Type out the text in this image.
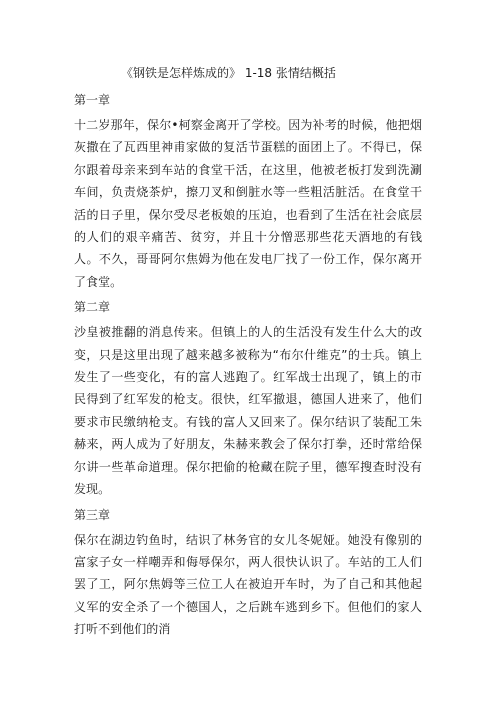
《钢铁是怎样炼成的》 1-18 张情结概括
第一章

十二岁那年，保尔•柯察金离开了学校。因为补考的时候，他把烟灰撒在了瓦西里神甫家做的复活节蛋糕的面团上了。不得已，保尔跟着母亲来到车站的食堂干活，在这里，他被老板打发到洗涮车间，负责烧茶炉，擦刀叉和倒脏水等一些粗活脏活。在食堂干活的日子里，保尔受尽老板娘的压迫，也看到了生活在社会底层的人们的艰辛痛苦、贫穷，并且十分憎恶那些花天酒地的有钱人。不久，哥哥阿尔焦姆为他在发电厂找了一份工作，保尔离开了食堂。

第二章

沙皇被推翻的消息传来。但镇上的人的生活没有发生什么大的改变，只是这里出现了越来越多被称为“布尔什维克”的士兵。镇上发生了一些变化，有的富人逃跑了。红军战士出现了，镇上的市民得到了红军发的枪支。很快，红军撤退，德国人进来了，他们要求市民缴纳枪支。有钱的富人又回来了。保尔结识了装配工朱赫来，两人成为了好朋友，朱赫来教会了保尔打拳，还时常给保尔讲一些革命道理。保尔把偷的枪藏在院子里，德军搜查时没有发现。

第三章

保尔在湖边钓鱼时，结识了林务官的女儿冬妮娅。她没有像别的富家子女一样嘲弄和侮辱保尔，两人很快认识了。车站的工人们罢了工，阿尔焦姆等三位工人在被迫开车时，为了自己和其他起义军的安全杀了一个德国人，之后跳车逃到乡下。但他们的家人打听不到他们的消
